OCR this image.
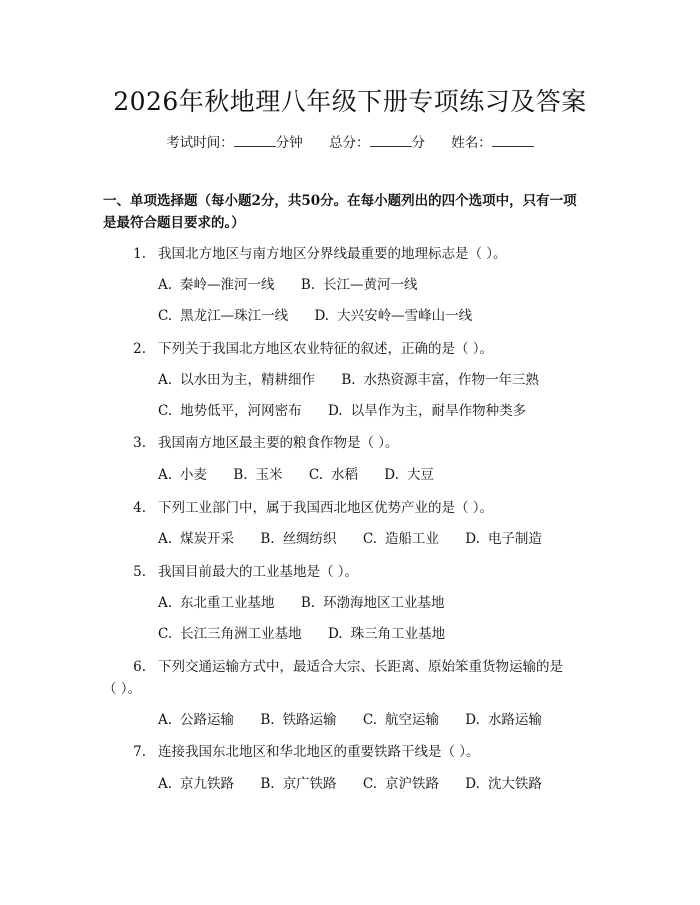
2026年秋地理八年级下册专项练习及答案
考试时间：	分钟 总分：	分 姓名：
一、单项选择题（每小题2分，共50分。在每小题列出的四个选项中，只有一项
是最符合题目要求的。）
1. 我国北方地区与南方地区分界线最重要的地理标志是（ ）。
A. 秦岭—淮河一线 B. 长江—黄河一线
C. 黑龙江—珠江一线 D. 大兴安岭—雪峰山一线
2. 下列关于我国北方地区农业特征的叙述，正确的是（ ）。
A. 以水田为主，精耕细作 B. 水热资源丰富，作物一年三熟
C. 地势低平，河网密布 D. 以旱作为主，耐旱作物种类多
3. 我国南方地区最主要的粮食作物是（ ）。
A. 小麦 B. 玉米 C. 水稻 D. 大豆
4. 下列工业部门中，属于我国西北地区优势产业的是（ ）。
A. 煤炭开采 B. 丝绸纺织 C. 造船工业 D. 电子制造
5. 我国目前最大的工业基地是（ ）。
A. 东北重工业基地 B. 环渤海地区工业基地
C. 长江三角洲工业基地 D. 珠三角工业基地
6. 下列交通运输方式中，最适合大宗、长距离、原始笨重货物运输的是
（ ）。
A. 公路运输 B. 铁路运输 C. 航空运输 D. 水路运输
7. 连接我国东北地区和华北地区的重要铁路干线是（ ）。
A. 京九铁路 B. 京广铁路 C. 京沪铁路 D. 沈大铁路
